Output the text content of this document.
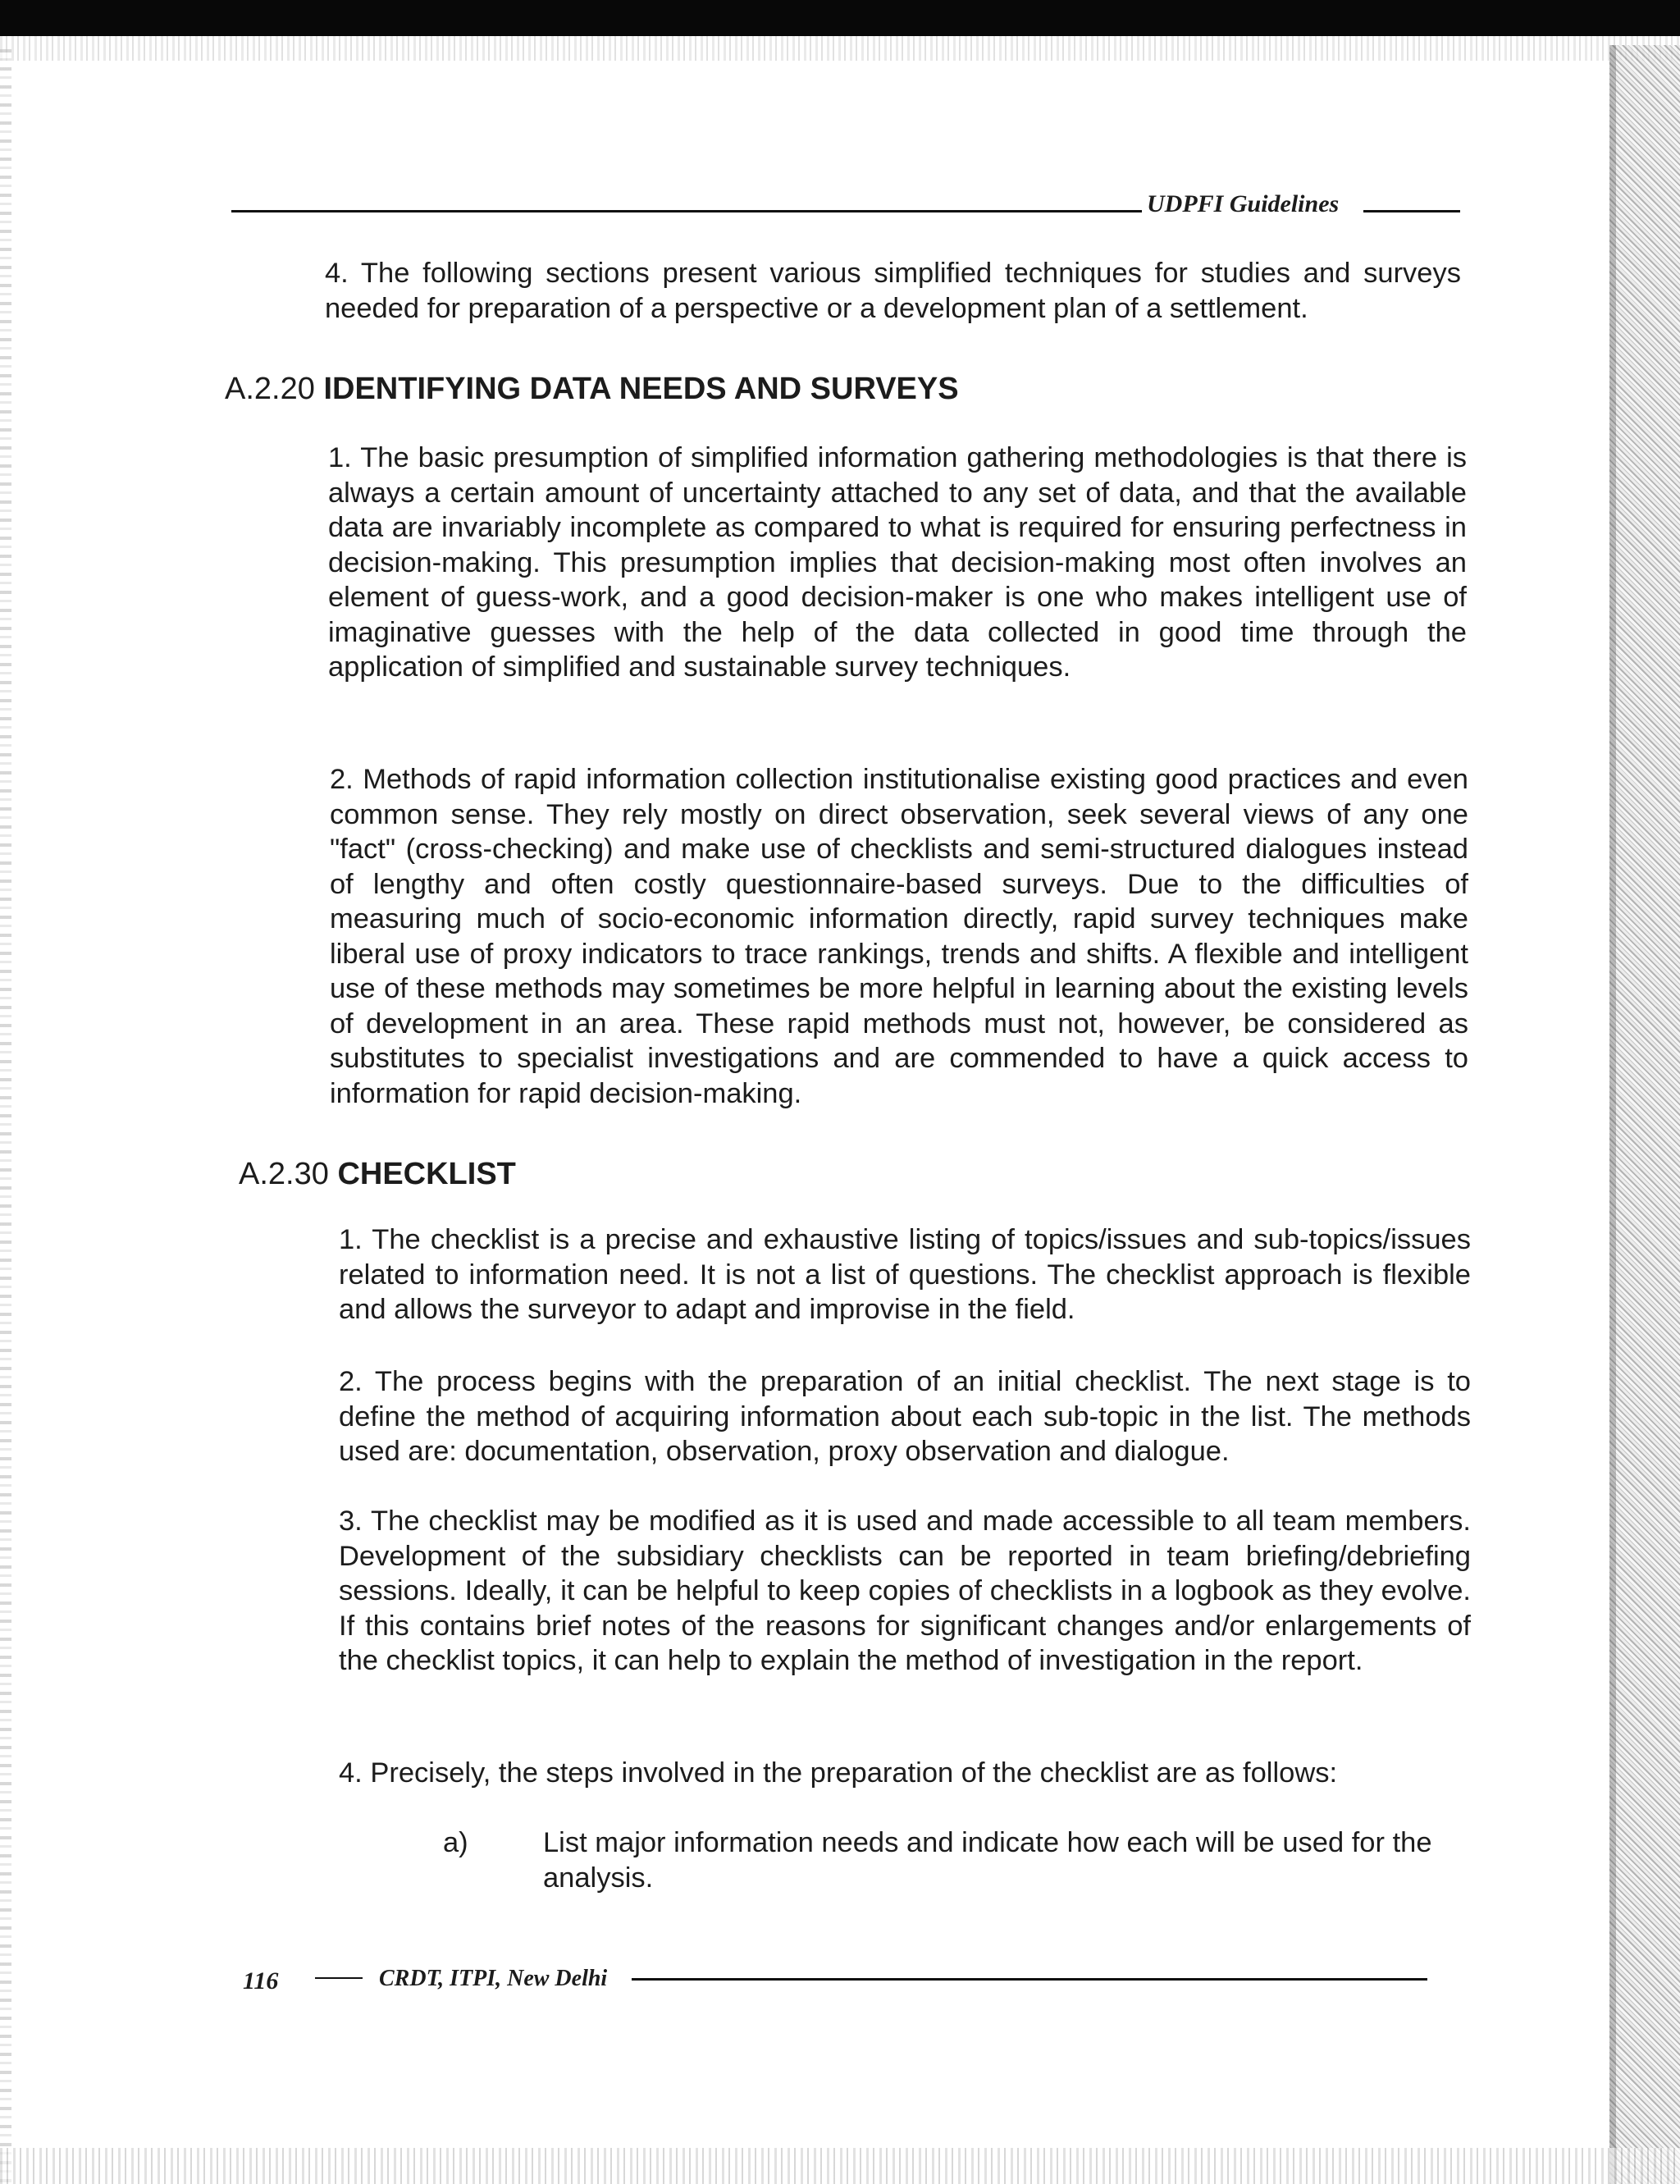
UDPFI Guidelines

4. The following sections present various simplified techniques for studies and surveys needed for preparation of a perspective or a development plan of a settlement.

A.2.20 IDENTIFYING DATA NEEDS AND SURVEYS

1. The basic presumption of simplified information gathering methodologies is that there is always a certain amount of uncertainty attached to any set of data, and that the available data are invariably incomplete as compared to what is required for ensuring perfectness in decision-making. This presumption implies that decision-making most often involves an element of guess-work, and a good decision-maker is one who makes intelligent use of imaginative guesses with the help of the data collected in good time through the application of simplified and sustainable survey techniques.

2. Methods of rapid information collection institutionalise existing good practices and even common sense. They rely mostly on direct observation, seek several views of any one "fact" (cross-checking) and make use of checklists and semi-structured dialogues instead of lengthy and often costly questionnaire-based surveys. Due to the difficulties of measuring much of socio-economic information directly, rapid survey techniques make liberal use of proxy indicators to trace rankings, trends and shifts. A flexible and intelligent use of these methods may sometimes be more helpful in learning about the existing levels of development in an area. These rapid methods must not, however, be considered as substitutes to specialist investigations and are commended to have a quick access to information for rapid decision-making.

A.2.30 CHECKLIST

1. The checklist is a precise and exhaustive listing of topics/issues and sub-topics/issues related to information need. It is not a list of questions. The checklist approach is flexible and allows the surveyor to adapt and improvise in the field.

2. The process begins with the preparation of an initial checklist. The next stage is to define the method of acquiring information about each sub-topic in the list. The methods used are: documentation, observation, proxy observation and dialogue.

3. The checklist may be modified as it is used and made accessible to all team members. Development of the subsidiary checklists can be reported in team briefing/debriefing sessions. Ideally, it can be helpful to keep copies of checklists in a logbook as they evolve. If this contains brief notes of the reasons for significant changes and/or enlargements of the checklist topics, it can help to explain the method of investigation in the report.

4. Precisely, the steps involved in the preparation of the checklist are as follows:

a)	List major information needs and indicate how each will be used for the analysis.
116	CRDT, ITPI, New Delhi
